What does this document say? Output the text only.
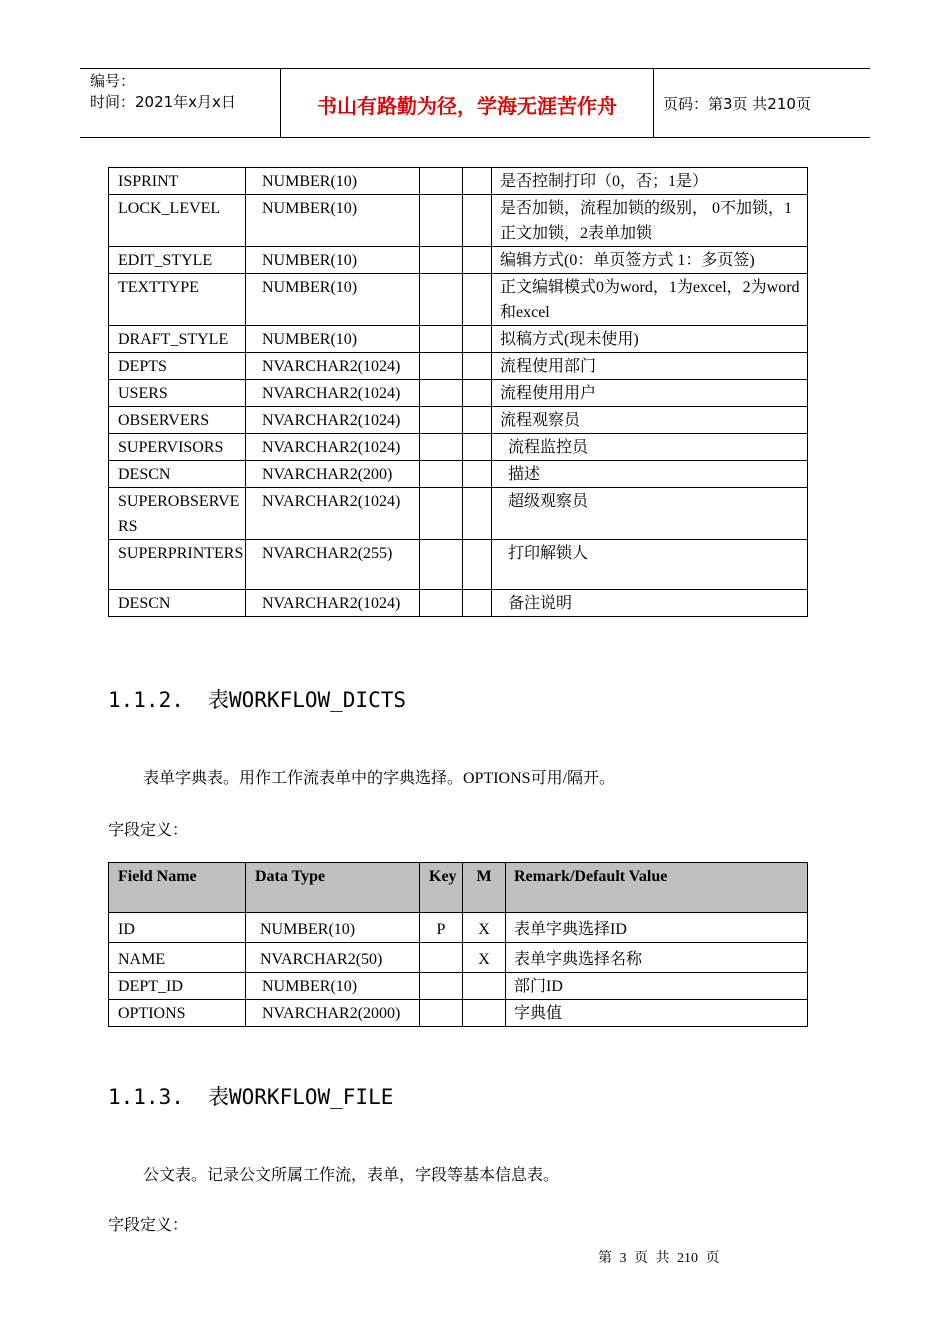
编号：
时间：2021年x月x日	书山有路勤为径，学海无涯苦作舟	页码：第3页 共210页
ISPRINT	NUMBER(10)			是否控制打印（0，否；1是）
LOCK_LEVEL	NUMBER(10)			是否加锁，流程加锁的级别， 0不加锁，1正文加锁，2表单加锁
EDIT_STYLE	NUMBER(10)			编辑方式(0：单页签方式 1：多页签)
TEXTTYPE	NUMBER(10)			正文编辑模式0为word，1为excel，2为word和excel
DRAFT_STYLE	NUMBER(10)			拟稿方式(现未使用)
DEPTS	NVARCHAR2(1024)			流程使用部门
USERS	NVARCHAR2(1024)			流程使用用户
OBSERVERS	NVARCHAR2(1024)			流程观察员
SUPERVISORS	NVARCHAR2(1024)			流程监控员
DESCN	NVARCHAR2(200)			描述
SUPEROBSERVERS	NVARCHAR2(1024)			超级观察员
SUPERPRINTERS	NVARCHAR2(255)			打印解锁人
DESCN	NVARCHAR2(1024)			备注说明
1.1.2. 表WORKFLOW_DICTS
表单字典表。用作工作流表单中的字典选择。OPTIONS可用/隔开。
字段定义：
Field Name	Data Type	Key	M	Remark/Default Value
ID	NUMBER(10)	P	X	表单字典选择ID
NAME	NVARCHAR2(50)		X	表单字典选择名称
DEPT_ID	NUMBER(10)			部门ID
OPTIONS	NVARCHAR2(2000)			字典值
1.1.3. 表WORKFLOW_FILE
公文表。记录公文所属工作流，表单，字段等基本信息表。
字段定义：
第 3 页 共 210 页
